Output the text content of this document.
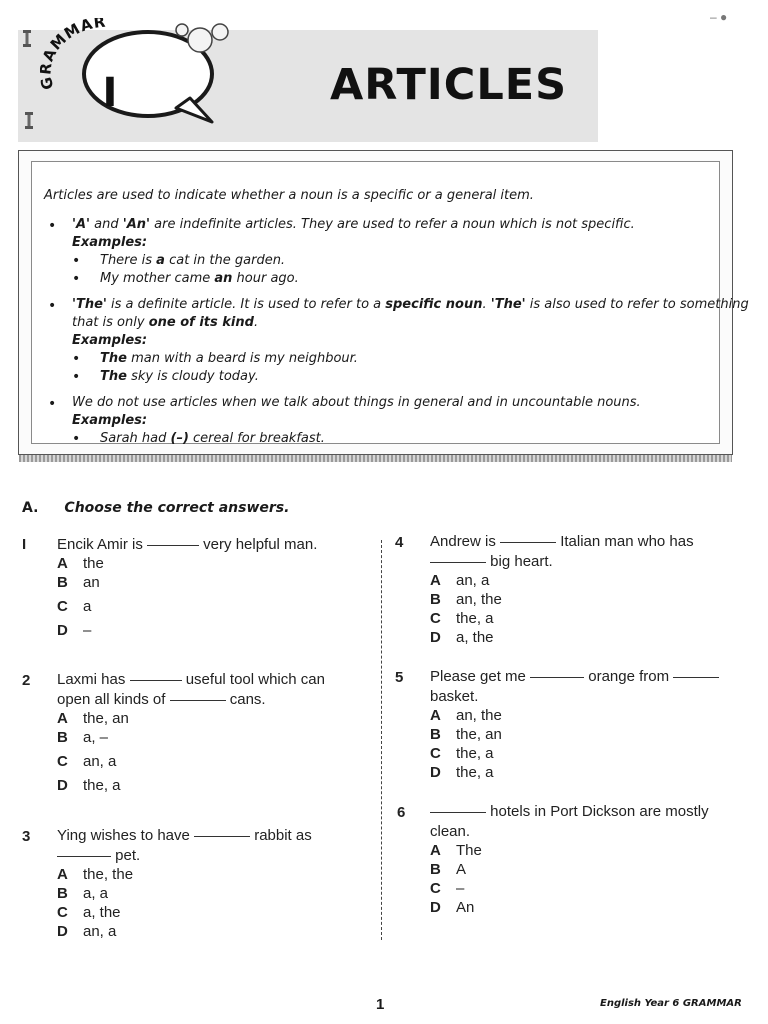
AMMAR
I	ARTICLES
– ●
Articles are used to indicate whether a noun is a specific or a general item.
• 'A' and 'An' are indefinite articles. They are used to refer a noun which is not specific.
Examples:
• There is a cat in the garden.
• My mother came an hour ago.
• 'The' is a definite article. It is used to refer to a specific noun. 'The' is also used to refer to something
that is only one of its kind.
Examples:
• The man with a beard is my neighbour.
• The sky is cloudy today.
• We do not use articles when we talk about things in general and in uncountable nouns.
Examples:
• Sarah had (–) cereal for breakfast.
A. Choose the correct answers.
I Encik Amir is	very helpful man.
A the
B an
C a
D –
2 Laxmi has	useful tool which can
open all kinds of	cans.
A the, an
B a, –
C an, a
D the, a
3 Ying wishes to have	rabbit as
pet.
A the, the
B a, a
C a, the
D an, a
4 Andrew is	Italian man who has
big heart.
A an, a
B an, the
C the, a
D a, the
5 Please get me	orange from
basket.
A an, the
B the, an
C the, a
D the, a
6	hotels in Port Dickson are mostly
clean.
A The
B A
C –
D An
1	English Year 6 GRAMMAR
